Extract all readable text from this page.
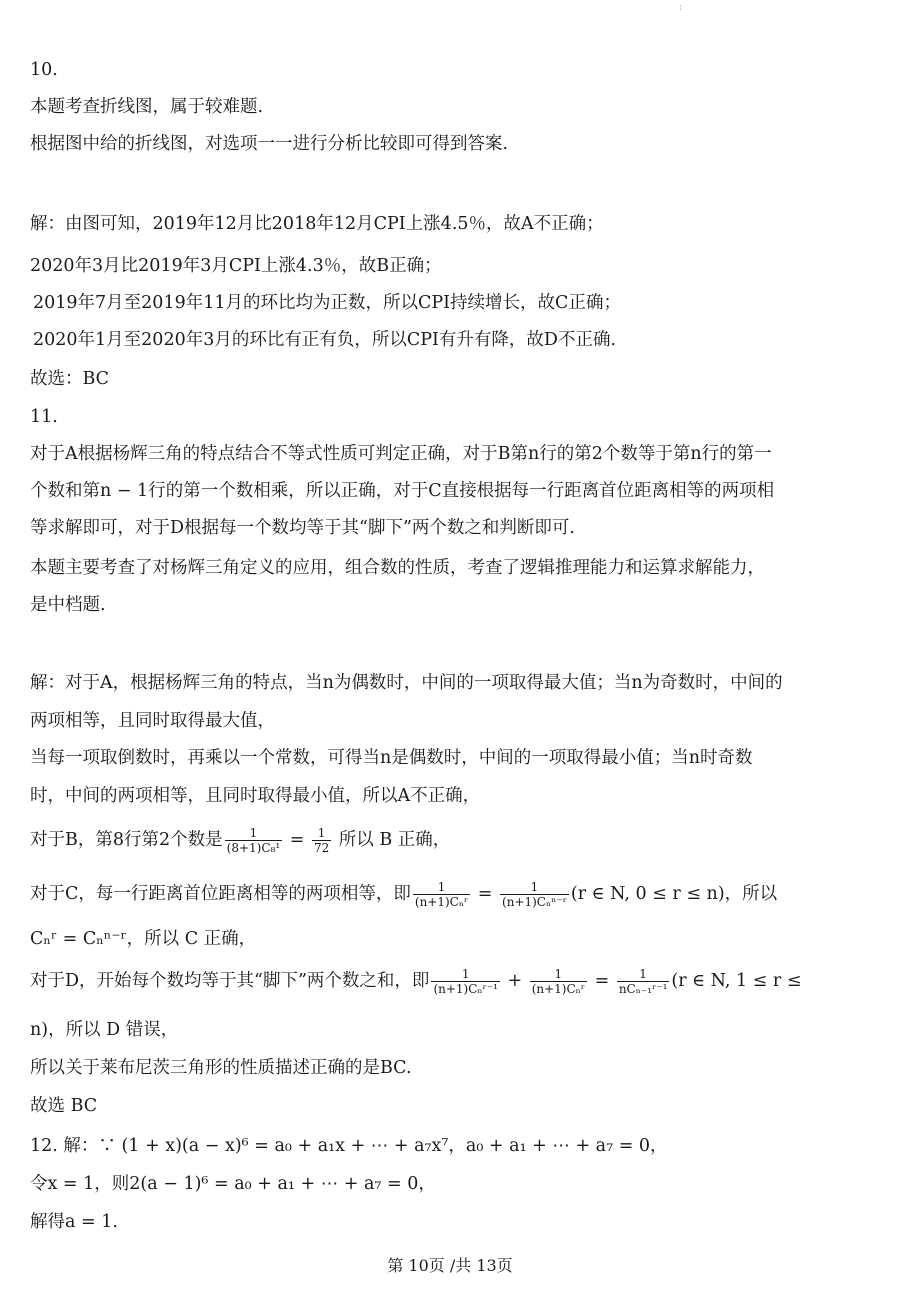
:
10.
本题考查折线图，属于较难题.
根据图中给的折线图，对选项一一进行分析比较即可得到答案.
解：由图可知，2019年12月比2018年12月CPI上涨4.5％，故A不正确；
2020年3月比2019年3月CPI上涨4.3％，故B正确；
2019年7月至2019年11月的环比均为正数，所以CPI持续增长，故C正确；
2020年1月至2020年3月的环比有正有负，所以CPI有升有降，故D不正确.
故选：BC
11.
对于A根据杨辉三角的特点结合不等式性质可判定正确，对于B第n行的第2个数等于第n行的第一
个数和第n − 1行的第一个数相乘，所以正确，对于C直接根据每一行距离首位距离相等的两项相
等求解即可，对于D根据每一个数均等于其“脚下”两个数之和判断即可.
本题主要考查了对杨辉三角定义的应用，组合数的性质，考查了逻辑推理能力和运算求解能力，
是中档题.
解：对于A，根据杨辉三角的特点，当n为偶数时，中间的一项取得最大值；当n为奇数时，中间的
两项相等，且同时取得最大值，
当每一项取倒数时，再乘以一个常数，可得当n是偶数时，中间的一项取得最小值；当n时奇数
时，中间的两项相等，且同时取得最小值，所以A不正确，
对于B，第8行第2个数是 $\frac{1}{\text{(8+1)C₈¹}} = \frac{1}{72}$ 所以 B 正确，
对于C，每一行距离首位距离相等的两项相等，即 $\frac{1}{\text{(n+1)Cₙʳ}} = \frac{1}{\text{(n+1)Cₙⁿ⁻ʳ}} (r$ ∈ N, 0 ≤ r ≤ n)，所以
Cₙʳ = Cₙⁿ⁻ʳ，所以 C 正确，
对于D，开始每个数均等于其“脚下”两个数之和，即 $\frac{1}{\text{(n+1)Cₙʳ⁻¹}} + \frac{1}{\text{(n+1)Cₙʳ}} = \frac{1}{\text{nCₙ₋₁ʳ⁻¹}} (r$ ∈ N, 1 ≤ r ≤
n)，所以 D 错误，
所以关于莱布尼茨三角形的性质描述正确的是BC.
故选 BC
12. 解：∵ (1 + x)(a − x)⁶ = a₀ + a₁x + ⋯ + a₇x⁷，a₀ + a₁ + ⋯ + a₇ = 0，
令x = 1，则2(a − 1)⁶ = a₀ + a₁ + ⋯ + a₇ = 0，
解得a = 1.
第 10页 /共 13页
